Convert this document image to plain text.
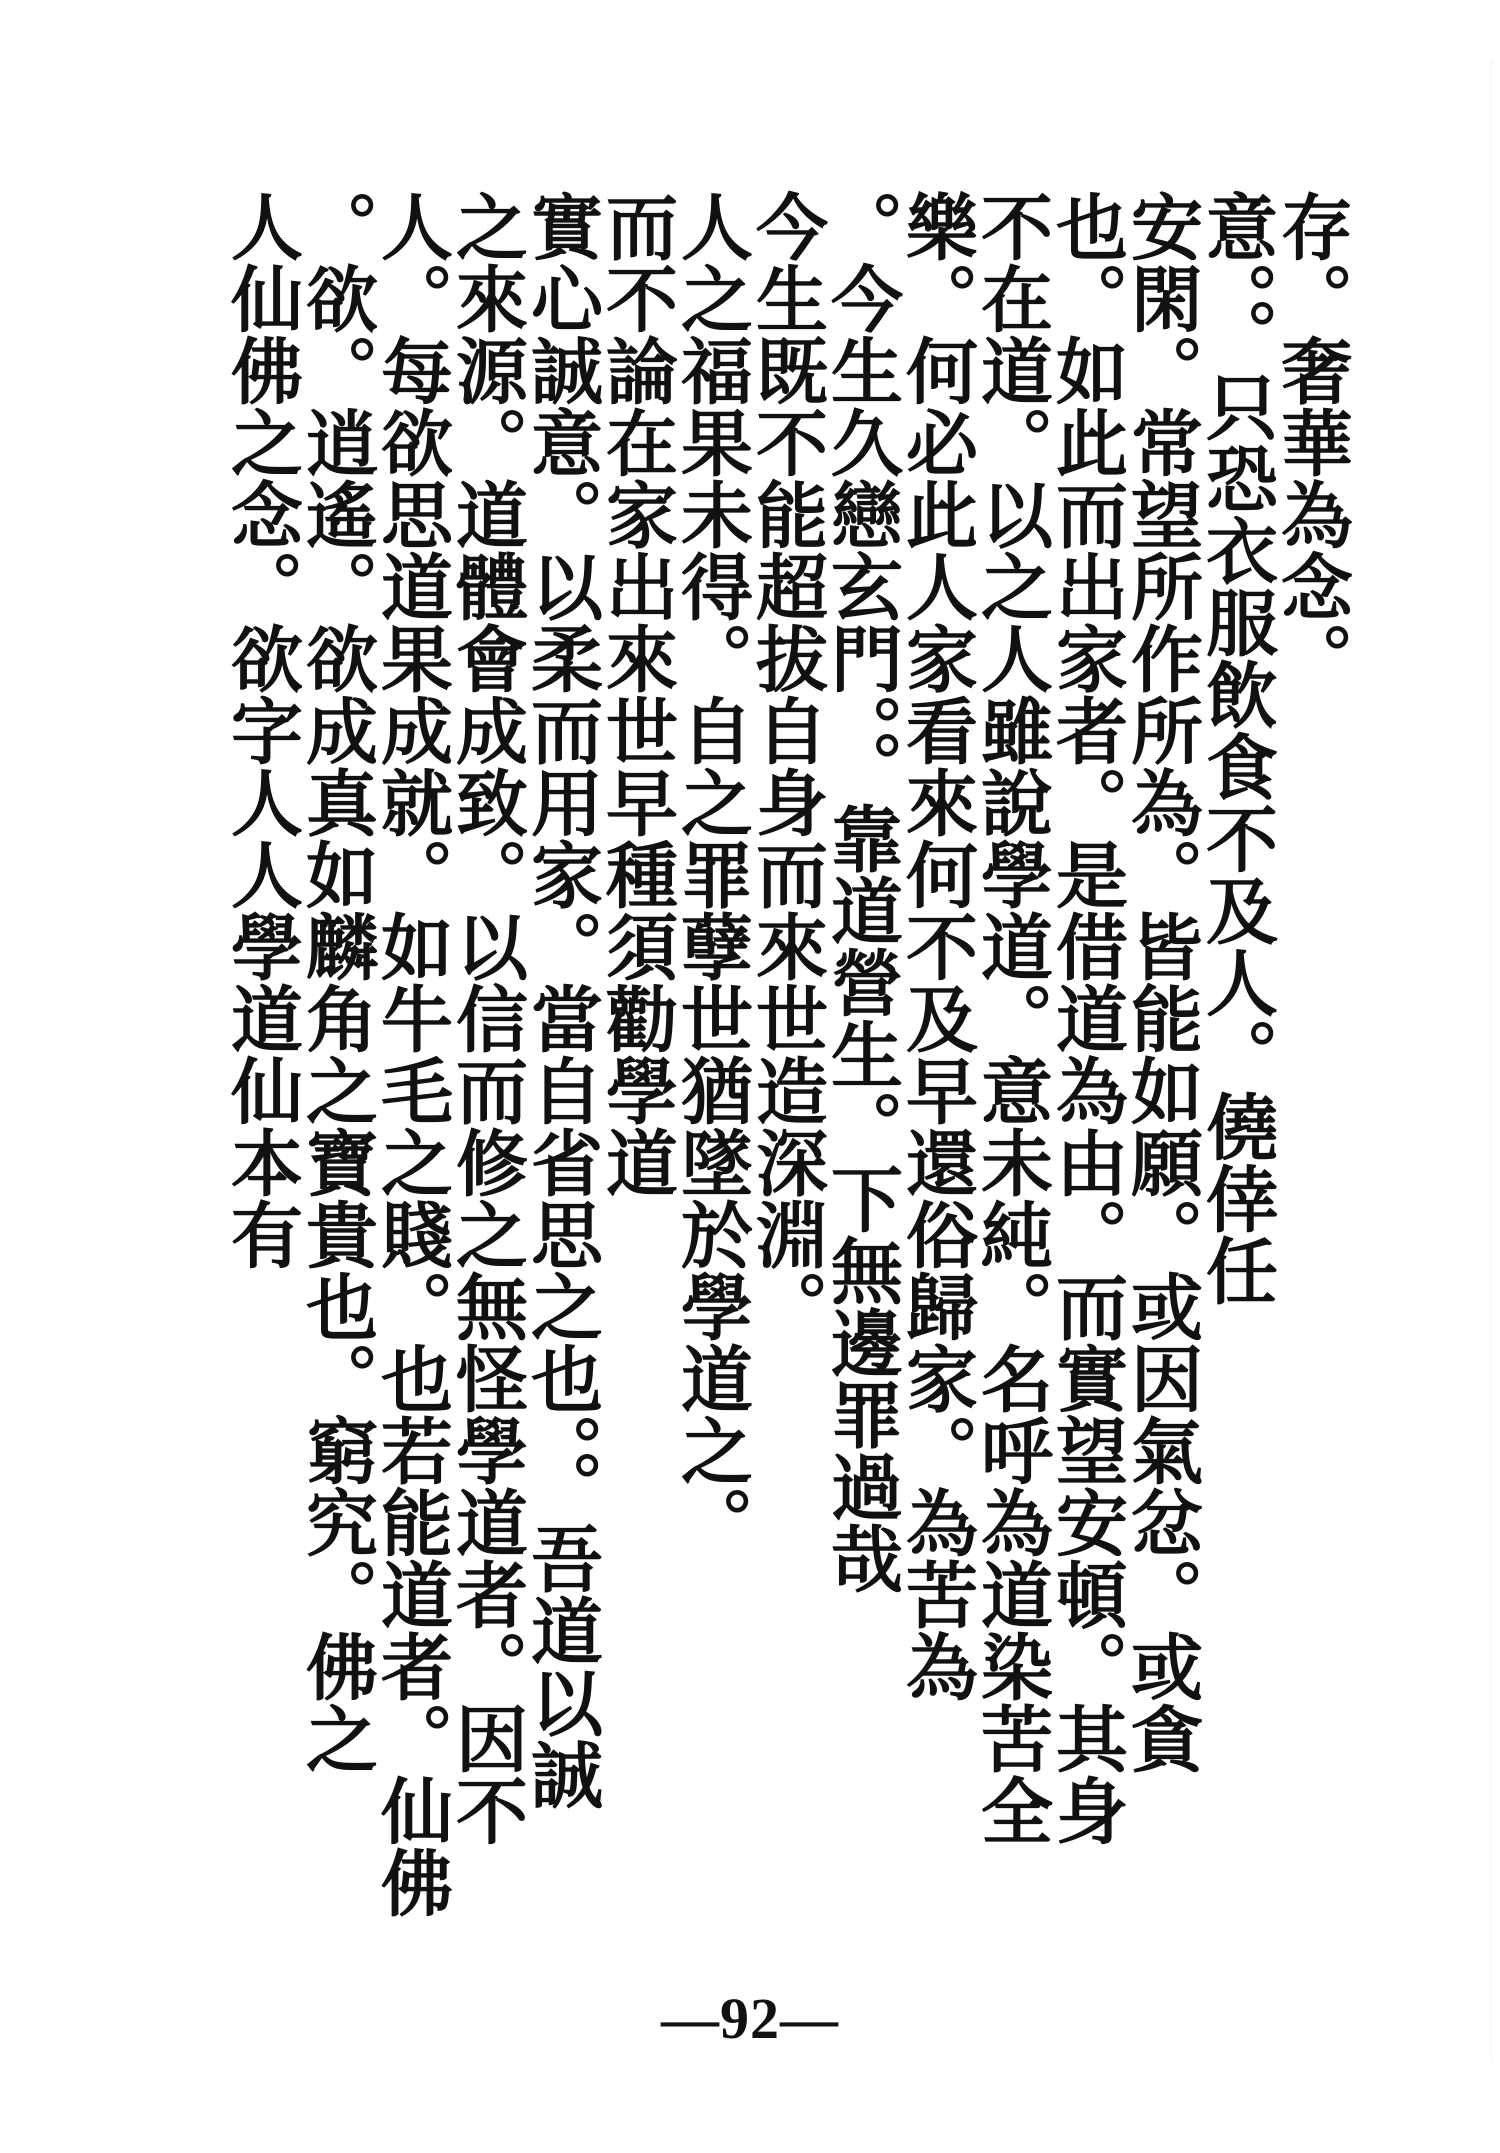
存。奢華為念。
意。。只恐衣服飲食不及人。僥倖任
安閑。常望所作所為。皆能如願。或因氣忿。或貪
也。如此而出家者。是借道為由。而實望安頓。其身
不在道。以之人雖說學道。意未純。名呼為道染苦全
樂。何必此人家看來何不及早還俗歸家。為苦為
。今生久戀玄門。。靠道營生。下無邊罪過哉
今生既不能超拔自身而來世造深淵。
人之福果未得。自之罪孽世猶墜於學道之。
而不論在家出來世早種須勸學道
實心誠意。以柔而用家。當自省思之也。。吾道以誠
之來源。道體會成致。以信而修之無怪學道者。因不
人。每欲思道果成就。如牛毛之賤。也若能道者。仙佛
。欲。逍遙。欲成真如麟角之寶貴也。窮究。佛之
人仙佛之念。欲字人人學道仙本有
—92—
